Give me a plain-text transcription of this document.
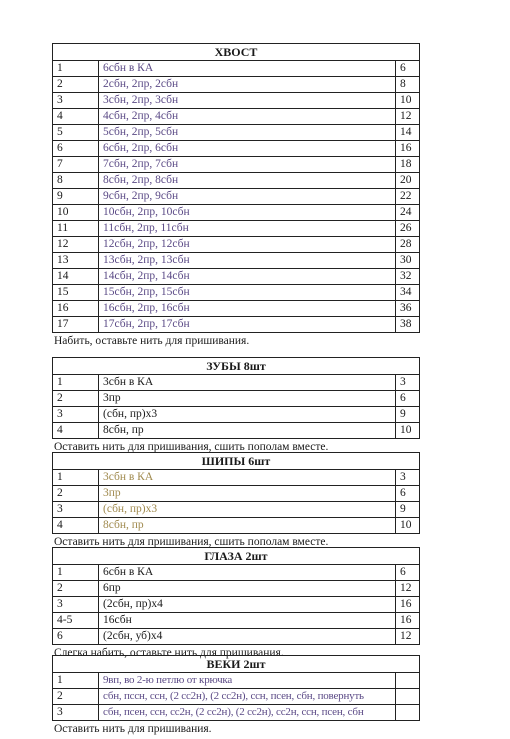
ХВОСТ		
1	6сбн в КА	6
2	2сбн, 2пр, 2сбн	8
3	3сбн, 2пр, 3сбн	10
4	4сбн, 2пр, 4сбн	12
5	5сбн, 2пр, 5сбн	14
6	6сбн, 2пр, 6сбн	16
7	7сбн, 2пр, 7сбн	18
8	8сбн, 2пр, 8сбн	20
9	9сбн, 2пр, 9сбн	22
10	10сбн, 2пр, 10сбн	24
11	11сбн, 2пр, 11сбн	26
12	12сбн, 2пр, 12сбн	28
13	13сбн, 2пр, 13сбн	30
14	14сбн, 2пр, 14сбн	32
15	15сбн, 2пр, 15сбн	34
16	16сбн, 2пр, 16сбн	36
17	17сбн, 2пр, 17сбн	38
Набить, оставьте нить для пришивания.
ЗУБЫ 8шт		
1	3сбн в КА	3
2	3пр	6
3	(сбн, пр)х3	9
4	8сбн, пр	10
Оставить нить для пришивания, сшить пополам вместе.
ШИПЫ 6шт		
1	3сбн в КА	3
2	3пр	6
3	(сбн, пр)х3	9
4	8сбн, пр	10
Оставить нить для пришивания, сшить пополам вместе.
ГЛАЗА 2шт		
1	6сбн в КА	6
2	6пр	12
3	(2сбн, пр)х4	16
4-5	16сбн	16
6	(2сбн, уб)х4	12
Слегка набить, оставьте нить для пришивания.
ВЕКИ 2шт		
1	9вп, во 2-ю петлю от крючка	
2	сбн, пссн, ссн, (2 сс2н), (2 сс2н), ссн, псен, сбн, повернуть	
3	сбн, псен, ссн, сс2н, (2 сс2н), (2 сс2н), сс2н, ссн, псен, сбн	
Оставить нить для пришивания.
